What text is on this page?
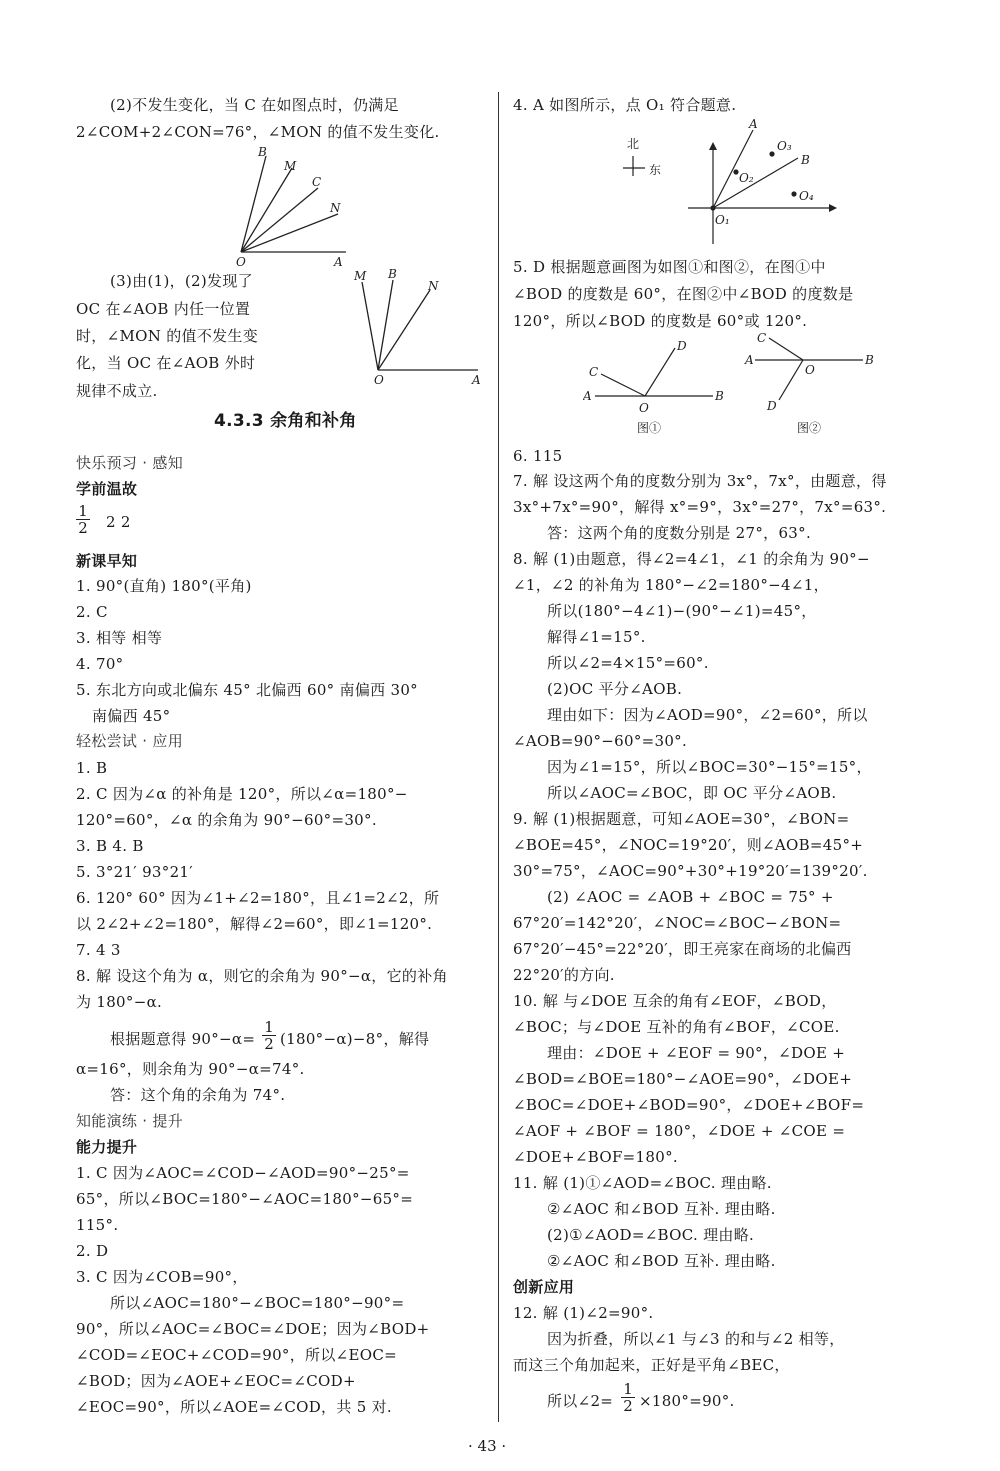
(2)不发生变化，当 C 在如图点时，仍满足
2∠COM+2∠CON=76°，∠MON 的值不发生变化.
B
M
C
N
O	A
(3)由(1)，(2)发现了
OC 在∠AOB 内任一位置
时，∠MON 的值不发生变
化，当 OC 在∠AOB 外时
规律不成立.
M B
N
O	A
4.3.3 余角和补角
快乐预习 · 感知
学前温故
1
2 2 2
新课早知
1. 90°(直角) 180°(平角)
2. C
3. 相等 相等
4. 70°
5. 东北方向或北偏东 45° 北偏西 60° 南偏西 30°
南偏西 45°
轻松尝试 · 应用
1. B
2. C 因为∠α 的补角是 120°，所以∠α=180°−
120°=60°，∠α 的余角为 90°−60°=30°.
3. B 4. B
5. 3°21′ 93°21′
6. 120° 60° 因为∠1+∠2=180°，且∠1=2∠2，所
以 2∠2+∠2=180°，解得∠2=60°，即∠1=120°.
7. 4 3
8. 解 设这个角为 α，则它的余角为 90°−α，它的补角
为 180°−α.
根据题意得 90°−α=
1
2 (180°−α)−8°，解得
α=16°，则余角为 90°−α=74°.
答：这个角的余角为 74°.
知能演练 · 提升
能力提升
1. C 因为∠AOC=∠COD−∠AOD=90°−25°=
65°，所以∠BOC=180°−∠AOC=180°−65°=
115°.
2. D
3. C 因为∠COB=90°，
所以∠AOC=180°−∠BOC=180°−90°=
90°，所以∠AOC=∠BOC=∠DOE；因为∠BOD+
∠COD=∠EOC+∠COD=90°，所以∠EOC=
∠BOD；因为∠AOE+∠EOC=∠COD+
∠EOC=90°，所以∠AOE=∠COD，共 5 对.
4. A 如图所示，点 O₁ 符合题意.
北
东
A
O₃
B
O₂
O₄
O₁
5. D 根据题意画图为如图①和图②，在图①中
∠BOD 的度数是 60°，在图②中∠BOD 的度数是
120°，所以∠BOD 的度数是 60°或 120°.
C
D
A
O
B
图①
C
A
O
B
D
图②
6. 115
7. 解 设这两个角的度数分别为 3x°，7x°，由题意，得
3x°+7x°=90°，解得 x°=9°，3x°=27°，7x°=63°.
答：这两个角的度数分别是 27°，63°.
8. 解 (1)由题意，得∠2=4∠1，∠1 的余角为 90°−
∠1，∠2 的补角为 180°−∠2=180°−4∠1，
所以(180°−4∠1)−(90°−∠1)=45°，
解得∠1=15°.
所以∠2=4×15°=60°.
(2)OC 平分∠AOB.
理由如下：因为∠AOD=90°，∠2=60°，所以
∠AOB=90°−60°=30°.
因为∠1=15°，所以∠BOC=30°−15°=15°，
所以∠AOC=∠BOC，即 OC 平分∠AOB.
9. 解 (1)根据题意，可知∠AOE=30°，∠BON=
∠BOE=45°，∠NOC=19°20′，则∠AOB=45°+
30°=75°，∠AOC=90°+30°+19°20′=139°20′.
(2) ∠AOC = ∠AOB + ∠BOC = 75° +
67°20′=142°20′，∠NOC=∠BOC−∠BON=
67°20′−45°=22°20′，即王亮家在商场的北偏西
22°20′的方向.
10. 解 与∠DOE 互余的角有∠EOF，∠BOD，
∠BOC；与∠DOE 互补的角有∠BOF，∠COE.
理由：∠DOE + ∠EOF = 90°，∠DOE +
∠BOD=∠BOE=180°−∠AOE=90°，∠DOE+
∠BOC=∠DOE+∠BOD=90°，∠DOE+∠BOF=
∠AOF + ∠BOF = 180°，∠DOE + ∠COE =
∠DOE+∠BOF=180°.
11. 解 (1)①∠AOD=∠BOC. 理由略.
②∠AOC 和∠BOD 互补. 理由略.
(2)①∠AOD=∠BOC. 理由略.
②∠AOC 和∠BOD 互补. 理由略.
创新应用
12. 解 (1)∠2=90°.
因为折叠，所以∠1 与∠3 的和与∠2 相等，
而这三个角加起来，正好是平角∠BEC，
所以∠2=
1
2 ×180°=90°.
· 43 ·
